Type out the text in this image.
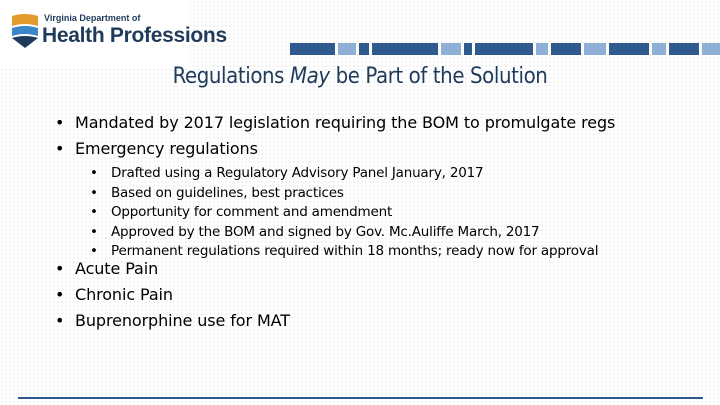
Virginia Department of
Health Professions
Regulations May be Part of the Solution
• Mandated by 2017 legislation requiring the BOM to promulgate regs
• Emergency regulations
• Drafted using a Regulatory Advisory Panel January, 2017
• Based on guidelines, best practices
• Opportunity for comment and amendment
• Approved by the BOM and signed by Gov. Mc.Auliffe March, 2017
• Permanent regulations required within 18 months; ready now for approval
• Acute Pain
• Chronic Pain
• Buprenorphine use for MAT
